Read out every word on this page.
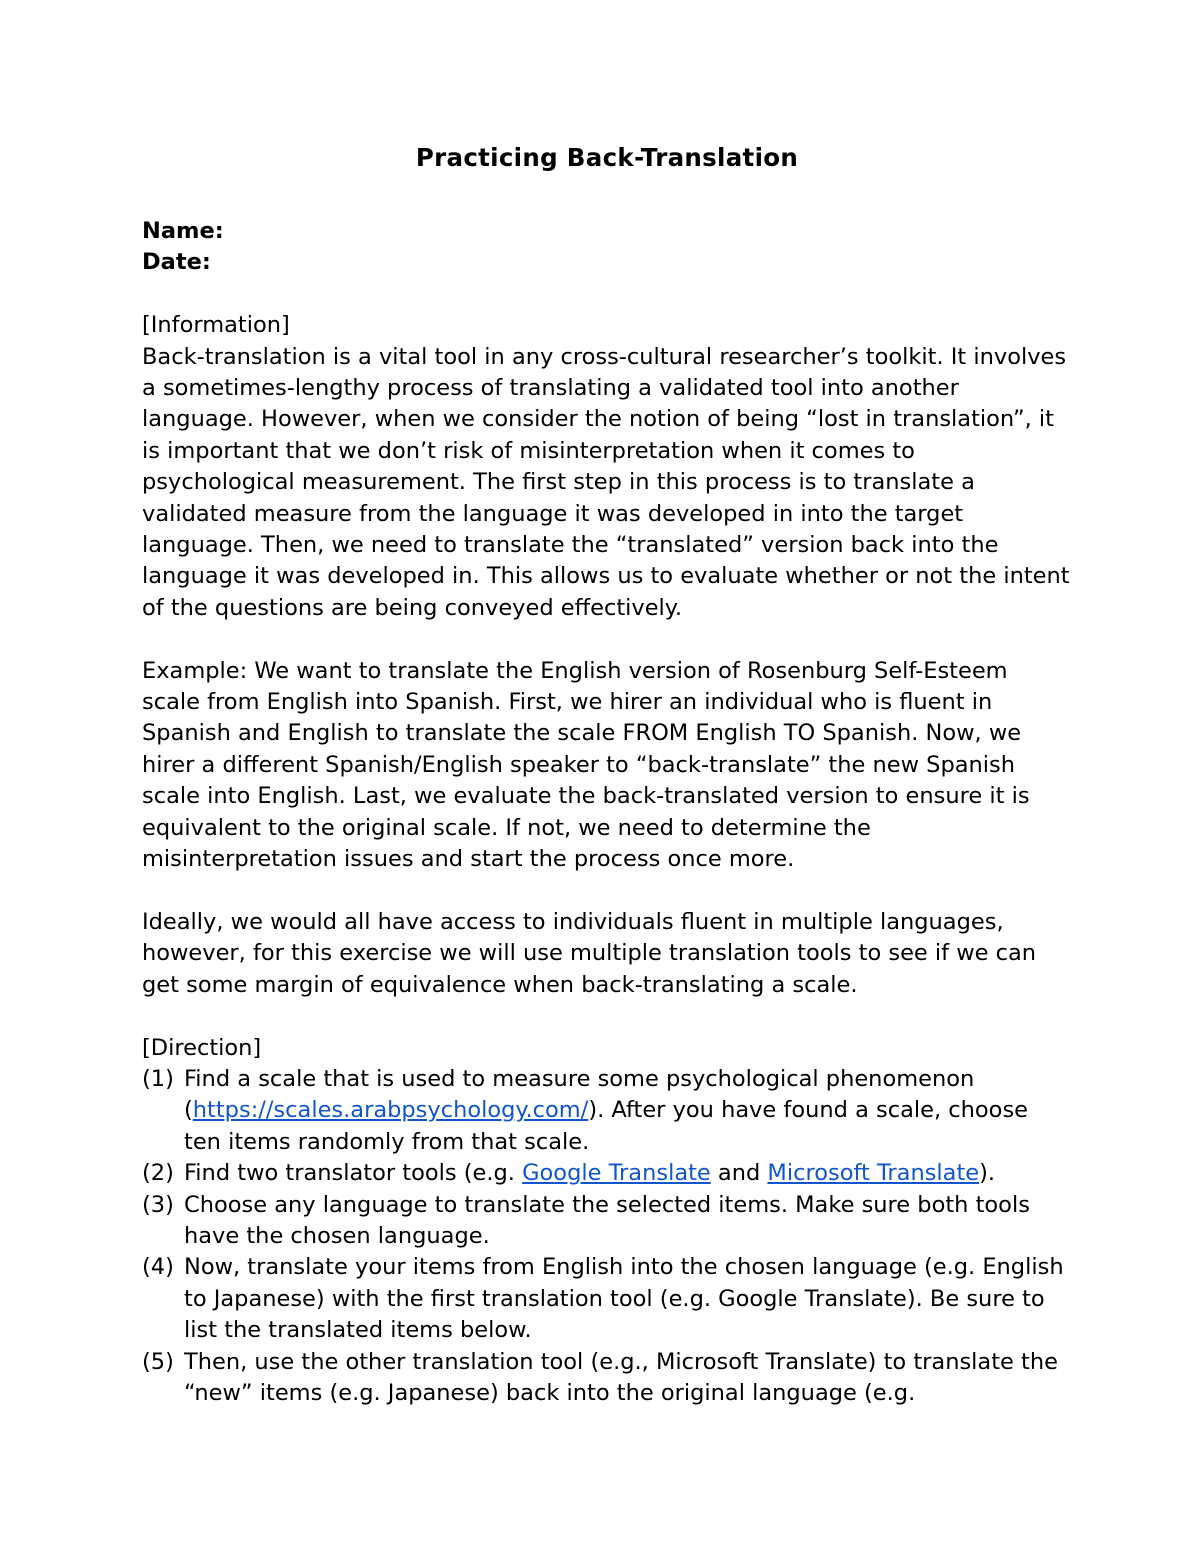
Practicing Back-Translation
Name:
Date:
[Information]

Back-translation is a vital tool in any cross-cultural researcher’s toolkit. It involves a sometimes-lengthy process of translating a validated tool into another language. However, when we consider the notion of being “lost in translation”, it is important that we don’t risk of misinterpretation when it comes to psychological measurement. The first step in this process is to translate a validated measure from the language it was developed in into the target language. Then, we need to translate the “translated” version back into the language it was developed in. This allows us to evaluate whether or not the intent of the questions are being conveyed effectively.

Example: We want to translate the English version of Rosenburg Self-Esteem scale from English into Spanish. First, we hirer an individual who is fluent in Spanish and English to translate the scale FROM English TO Spanish. Now, we hirer a different Spanish/English speaker to “back-translate” the new Spanish scale into English. Last, we evaluate the back-translated version to ensure it is equivalent to the original scale. If not, we need to determine the misinterpretation issues and start the process once more.

Ideally, we would all have access to individuals fluent in multiple languages, however, for this exercise we will use multiple translation tools to see if we can get some margin of equivalence when back-translating a scale.

[Direction]
(1) Find a scale that is used to measure some psychological phenomenon (https://scales.arabpsychology.com/). After you have found a scale, choose ten items randomly from that scale.
(2) Find two translator tools (e.g. Google Translate and Microsoft Translate).
(3) Choose any language to translate the selected items. Make sure both tools have the chosen language.
(4) Now, translate your items from English into the chosen language (e.g. English to Japanese) with the first translation tool (e.g. Google Translate). Be sure to list the translated items below.
(5) Then, use the other translation tool (e.g., Microsoft Translate) to translate the “new” items (e.g. Japanese) back into the original language (e.g.
